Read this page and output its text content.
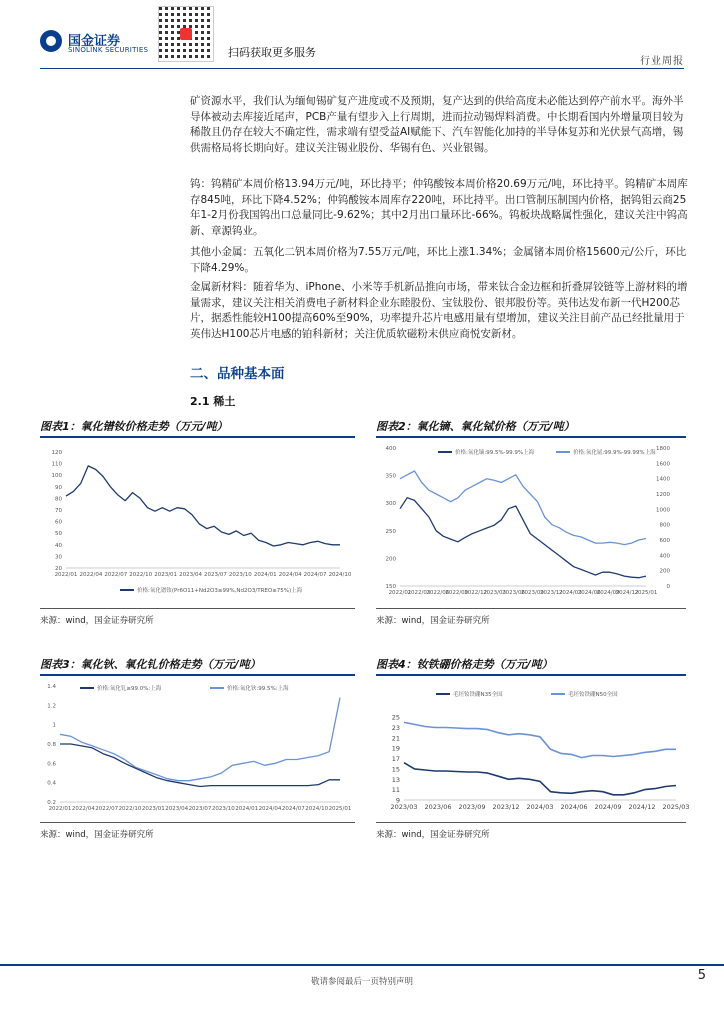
国金证券
SINOLINK SECURITIES	扫码获取更多服务
行业周报
矿资源水平，我们认为缅甸锡矿复产进度或不及预期，复产达到的供给高度未必能达到停产前水平。海外半导体被动去库接近尾声，PCB产量有望步入上行周期，进而拉动锡焊料消费。中长期看国内外增量项目较为稀散且仍存在较大不确定性，需求端有望受益AI赋能下、汽车智能化加持的半导体复苏和光伏景气高增，锡供需格局将长期向好。建议关注锡业股份、华锡有色、兴业银锡。
钨：钨精矿本周价格13.94万元/吨，环比持平；仲钨酸铵本周价格20.69万元/吨，环比持平。钨精矿本周库存845吨，环比下降4.52%；仲钨酸铵本周库存220吨，环比持平。出口管制压制国内价格，据钨钼云商25年1-2月份我国钨出口总量同比-9.62%；其中2月出口量环比-66%。钨板块战略属性强化，建议关注中钨高新、章源钨业。
其他小金属：五氧化二钒本周价格为7.55万元/吨，环比上涨1.34%；金属锗本周价格15600元/公斤，环比下降4.29%。
金属新材料：随着华为、iPhone、小米等手机新品推向市场，带来钛合金边框和折叠屏铰链等上游材料的增量需求，建议关注相关消费电子新材料企业东睦股份、宝钛股份、银邦股份等。英伟达发布新一代H200芯片，据悉性能较H100提高60%至90%，功率提升芯片电感用量有望增加，建议关注目前产品已经批量用于英伟达H100芯片电感的铂科新材；关注优质软磁粉末供应商悦安新材。
二、品种基本面
2.1 稀土
图表1：氧化镨钕价格走势（万元/吨）
120
110
100
90
80
70
60
50
40
30
20
2022/01 2022/04 2022/07 2022/10 2023/01 2023/04 2023/07 2023/10 2024/01 2024/04 2024/07 2024/10
价格:氧化镨钕(Pr6O11+Nd2O3≥99%,Nd2O3/TREO≥75%)上海
来源：wind，国金证券研究所
图表2：氧化镝、氧化铽价格（万元/吨）
400
350
300
250
200
150
1800
1600
1400
1200
1000
800
600
400
200
0
2022/01
2022/03
2022/06
2022/09
2022/12
2023/03
2023/06
2023/09
2023/12
2024/03
2024/06
2024/09
2024/12
2025/01
价格:氧化镝:99.5%-99.9%上海	价格:氧化铽:99.9%-99.99%上海
来源：wind，国金证券研究所
图表3：氧化钬、氧化钆价格走势（万元/吨）
1.4
1.2
1
0.8
0.6
0.4
0.2
2022/01 2022/04 2022/07 2022/10 2023/01 2023/04 2023/07 2023/10 2024/01 2024/04 2024/07 2024/10 2025/01
价格:氧化钆≥99.0%:上海	价格:氧化钬:99.5%:上海
来源：wind，国金证券研究所
图表4：钕铁硼价格走势（万元/吨）
25
23
21
19
17
15
13
11
9
2023/03 2023/06 2023/09 2023/12 2024/03 2024/06 2024/09 2024/12 2025/03
毛坯钕铁硼N35全国	毛坯钕铁硼N50全国
来源：wind，国金证券研究所
敬请参阅最后一页特别声明	5
